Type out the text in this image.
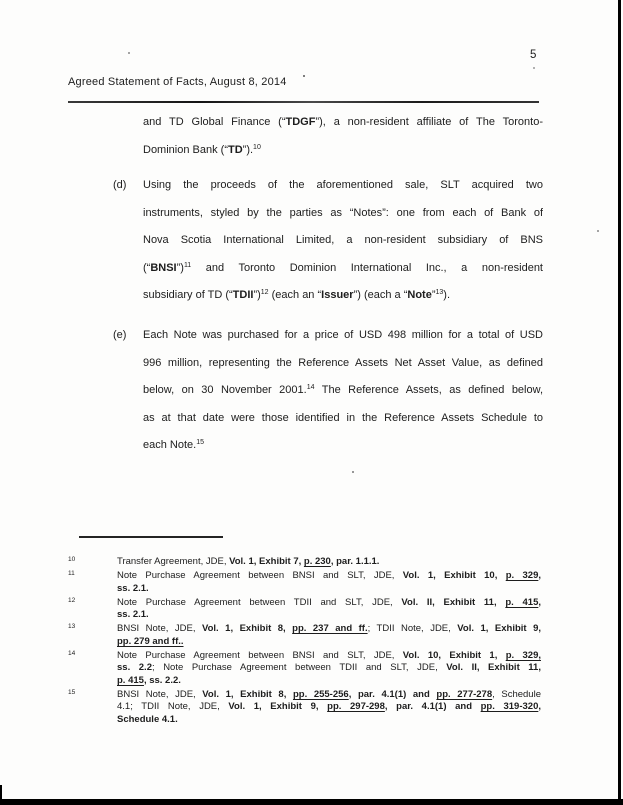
5
Agreed Statement of Facts, August 8, 2014
and TD Global Finance (“TDGF”), a non-resident affiliate of The Toronto-
Dominion Bank (“TD”).$^{10}$
(d) Using the proceeds of the aforementioned sale, SLT acquired two
instruments, styled by the parties as “Notes”: one from each of Bank of
Nova Scotia International Limited, a non-resident subsidiary of BNS
(“BNSI”)$^{11}$ and Toronto Dominion International Inc., a non-resident
subsidiary of TD (“TDII”)$^{12}$ (each an “Issuer”) (each a “Note”$^{13}$).
(e) Each Note was purchased for a price of USD 498 million for a total of USD
996 million, representing the Reference Assets Net Asset Value, as defined
below, on 30 November 2001.14 The Reference Assets, as defined below,
as at that date were those identified in the Reference Assets Schedule to
each Note.$^{15}$
10	Transfer Agreement, JDE, Vol. 1, Exhibit 7, p. 230, par. 1.1.1.
11	Note Purchase Agreement between BNSI and SLT, JDE, Vol. 1, Exhibit 10, p. 329,
ss. 2.1.
12	Note Purchase Agreement between TDII and SLT, JDE, Vol. II, Exhibit 11, p. 415,
ss. 2.1.
13	BNSI Note, JDE, Vol. 1, Exhibit 8, pp. 237 and ff.; TDII Note, JDE, Vol. 1, Exhibit 9,
pp. 279 and ff..
14	Note Purchase Agreement between BNSI and SLT, JDE, Vol. 10, Exhibit 1, p. 329,
ss. 2.2; Note Purchase Agreement between TDII and SLT, JDE, Vol. II, Exhibit 11,
p. 415, ss. 2.2.
15	BNSI Note, JDE, Vol. 1, Exhibit 8, pp. 255-256, par. 4.1(1) and pp. 277-278, Schedule
4.1; TDII Note, JDE, Vol. 1, Exhibit 9, pp. 297-298, par. 4.1(1) and pp. 319-320,
Schedule 4.1.
